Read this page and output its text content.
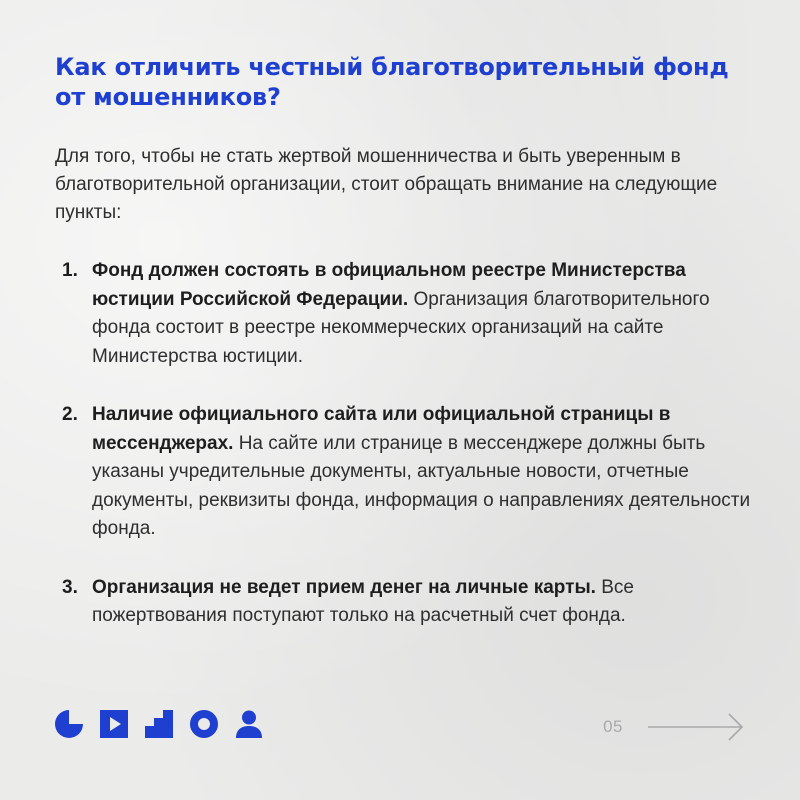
Как отличить честный благотворительный фонд от мошенников?

Для того, чтобы не стать жертвой мошенничества и быть уверенным в благотворительной организации, стоит обращать внимание на следующие пункты:

1. Фонд должен состоять в официальном реестре Министерства юстиции Российской Федерации. Организация благотворительного фонда состоит в реестре некоммерческих организаций на сайте Министерства юстиции.
2. Наличие официального сайта или официальной страницы в мессенджерах. На сайте или странице в мессенджере должны быть указаны учредительные документы, актуальные новости, отчетные документы, реквизиты фонда, информация о направлениях деятельности фонда.
3. Организация не ведет прием денег на личные карты. Все пожертвования поступают только на расчетный счет фонда.
05
